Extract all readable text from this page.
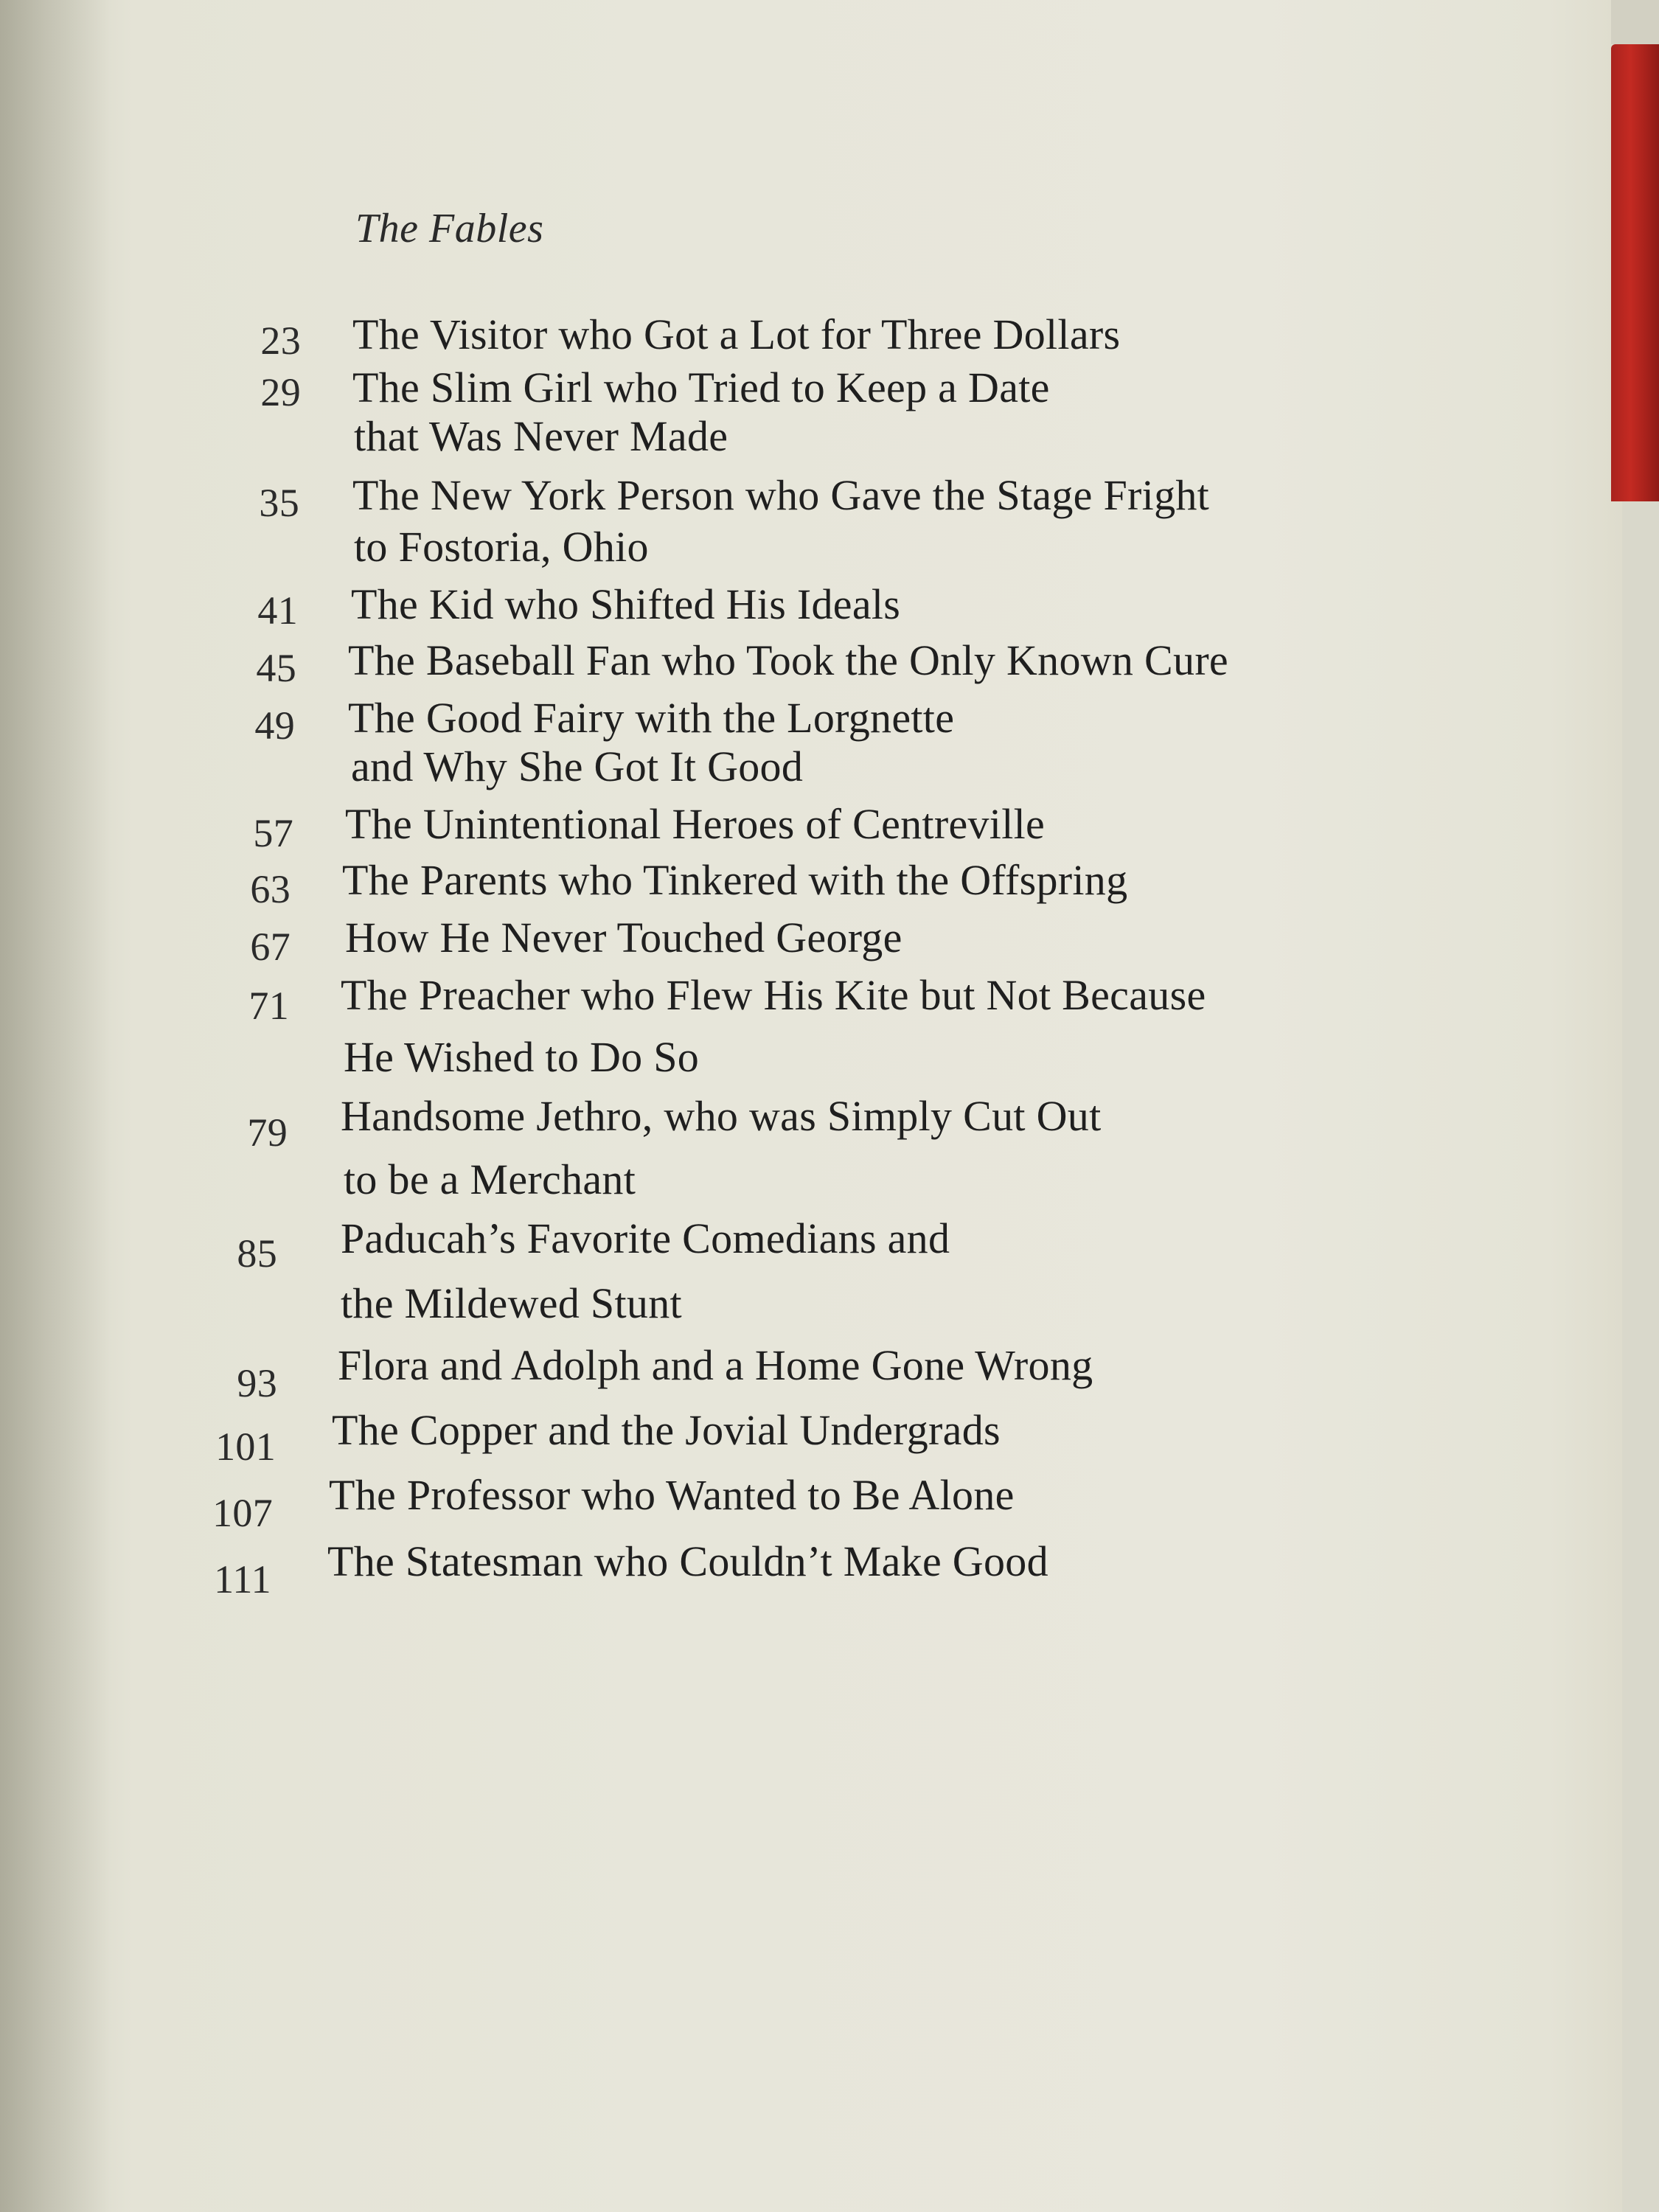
The Fables
23 The Visitor who Got a Lot for Three Dollars
29 The Slim Girl who Tried to Keep a Date
that Was Never Made
35 The New York Person who Gave the Stage Fright
to Fostoria, Ohio
41 The Kid who Shifted His Ideals
45 The Baseball Fan who Took the Only Known Cure
49 The Good Fairy with the Lorgnette
and Why She Got It Good
57 The Unintentional Heroes of Centreville
63 The Parents who Tinkered with the Offspring
67 How He Never Touched George
71 The Preacher who Flew His Kite but Not Because
He Wished to Do So
79 Handsome Jethro, who was Simply Cut Out
to be a Merchant
85 Paducah’s Favorite Comedians and
the Mildewed Stunt
93 Flora and Adolph and a Home Gone Wrong
101 The Copper and the Jovial Undergrads
107 The Professor who Wanted to Be Alone
111 The Statesman who Couldn’t Make Good
